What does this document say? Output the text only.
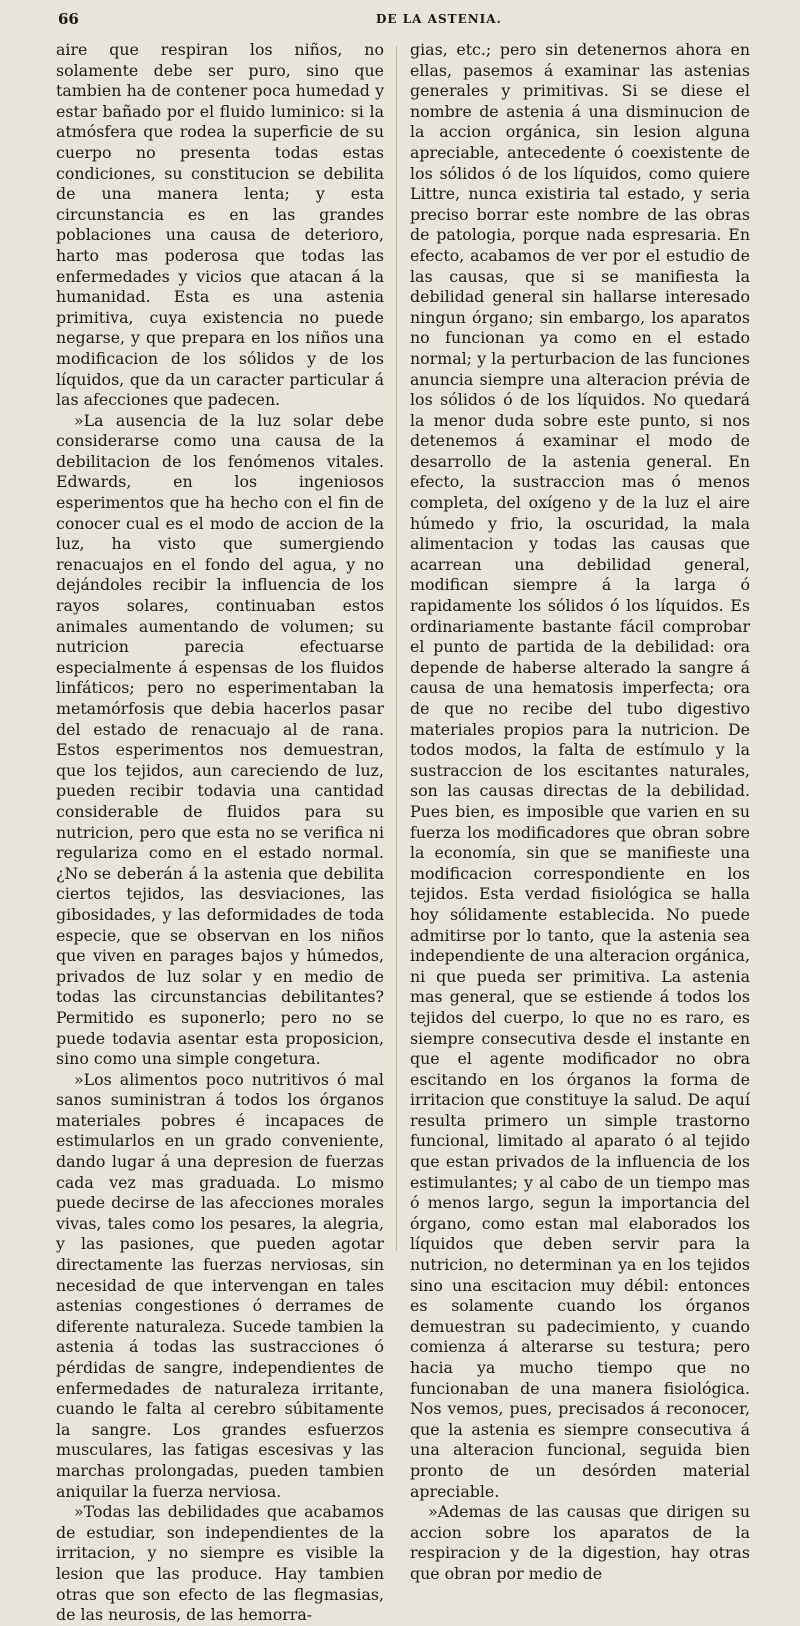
66	DE LA ASTENIA.

aire que respiran los niños, no solamente debe ser puro, sino que tambien ha de contener poca humedad y estar bañado por el fluido luminico: si la atmósfera que rodea la superficie de su cuerpo no presenta todas estas condiciones, su constitucion se debilita de una manera lenta; y esta circunstancia es en las grandes poblaciones una causa de deterioro, harto mas poderosa que todas las enfermedades y vicios que atacan á la humanidad. Esta es una astenia primitiva, cuya existencia no puede negarse, y que prepara en los niños una modificacion de los sólidos y de los líquidos, que da un caracter particular á las afecciones que padecen.

»La ausencia de la luz solar debe considerarse como una causa de la debilitacion de los fenómenos vitales. Edwards, en los ingeniosos esperimentos que ha hecho con el fin de conocer cual es el modo de accion de la luz, ha visto que sumergiendo renacuajos en el fondo del agua, y no dejándoles recibir la influencia de los rayos solares, continuaban estos animales aumentando de volumen; su nutricion parecia efectuarse especialmente á espensas de los fluidos linfáticos; pero no esperimentaban la metamórfosis que debia hacerlos pasar del estado de renacuajo al de rana. Estos esperimentos nos demuestran, que los tejidos, aun careciendo de luz, pueden recibir todavia una cantidad considerable de fluidos para su nutricion, pero que esta no se verifica ni regulariza como en el estado normal. ¿No se deberán á la astenia que debilita ciertos tejidos, las desviaciones, las gibosidades, y las deformidades de toda especie, que se observan en los niños que viven en parages bajos y húmedos, privados de luz solar y en medio de todas las circunstancias debilitantes? Permitido es suponerlo; pero no se puede todavia asentar esta proposicion, sino como una simple congetura.

»Los alimentos poco nutritivos ó mal sanos suministran á todos los órganos materiales pobres é incapaces de estimularlos en un grado conveniente, dando lugar á una depresion de fuerzas cada vez mas graduada. Lo mismo puede decirse de las afecciones morales vivas, tales como los pesares, la alegria, y las pasiones, que pueden agotar directamente las fuerzas nerviosas, sin necesidad de que intervengan en tales astenias congestiones ó derrames de diferente naturaleza. Sucede tambien la astenia á todas las sustracciones ó pérdidas de sangre, independientes de enfermedades de naturaleza irritante, cuando le falta al cerebro súbitamente la sangre. Los grandes esfuerzos musculares, las fatigas escesivas y las marchas prolongadas, pueden tambien aniquilar la fuerza nerviosa.

»Todas las debilidades que acabamos de estudiar, son independientes de la irritacion, y no siempre es visible la lesion que las produce. Hay tambien otras que son efecto de las flegmasias, de las neurosis, de las hemorra-

gias, etc.; pero sin detenernos ahora en ellas, pasemos á examinar las astenias generales y primitivas. Si se diese el nombre de astenia á una disminucion de la accion orgánica, sin lesion alguna apreciable, antecedente ó coexistente de los sólidos ó de los líquidos, como quiere Littre, nunca existiria tal estado, y seria preciso borrar este nombre de las obras de patologia, porque nada espresaria. En efecto, acabamos de ver por el estudio de las causas, que si se manifiesta la debilidad general sin hallarse interesado ningun órgano; sin embargo, los aparatos no funcionan ya como en el estado normal; y la perturbacion de las funciones anuncia siempre una alteracion prévia de los sólidos ó de los líquidos. No quedará la menor duda sobre este punto, si nos detenemos á examinar el modo de desarrollo de la astenia general. En efecto, la sustraccion mas ó menos completa, del oxígeno y de la luz el aire húmedo y frio, la oscuridad, la mala alimentacion y todas las causas que acarrean una debilidad general, modifican siempre á la larga ó rapidamente los sólidos ó los líquidos. Es ordinariamente bastante fácil comprobar el punto de partida de la debilidad: ora depende de haberse alterado la sangre á causa de una hematosis imperfecta; ora de que no recibe del tubo digestivo materiales propios para la nutricion. De todos modos, la falta de estímulo y la sustraccion de los escitantes naturales, son las causas directas de la debilidad. Pues bien, es imposible que varien en su fuerza los modificadores que obran sobre la economía, sin que se manifieste una modificacion correspondiente en los tejidos. Esta verdad fisiológica se halla hoy sólidamente establecida. No puede admitirse por lo tanto, que la astenia sea independiente de una alteracion orgánica, ni que pueda ser primitiva. La astenia mas general, que se estiende á todos los tejidos del cuerpo, lo que no es raro, es siempre consecutiva desde el instante en que el agente modificador no obra escitando en los órganos la forma de irritacion que constituye la salud. De aquí resulta primero un simple trastorno funcional, limitado al aparato ó al tejido que estan privados de la influencia de los estimulantes; y al cabo de un tiempo mas ó menos largo, segun la importancia del órgano, como estan mal elaborados los líquidos que deben servir para la nutricion, no determinan ya en los tejidos sino una escitacion muy débil: entonces es solamente cuando los órganos demuestran su padecimiento, y cuando comienza á alterarse su testura; pero hacia ya mucho tiempo que no funcionaban de una manera fisiológica. Nos vemos, pues, precisados á reconocer, que la astenia es siempre consecutiva á una alteracion funcional, seguida bien pronto de un desórden material apreciable.

»Ademas de las causas que dirigen su accion sobre los aparatos de la respiracion y de la digestion, hay otras que obran por medio de
